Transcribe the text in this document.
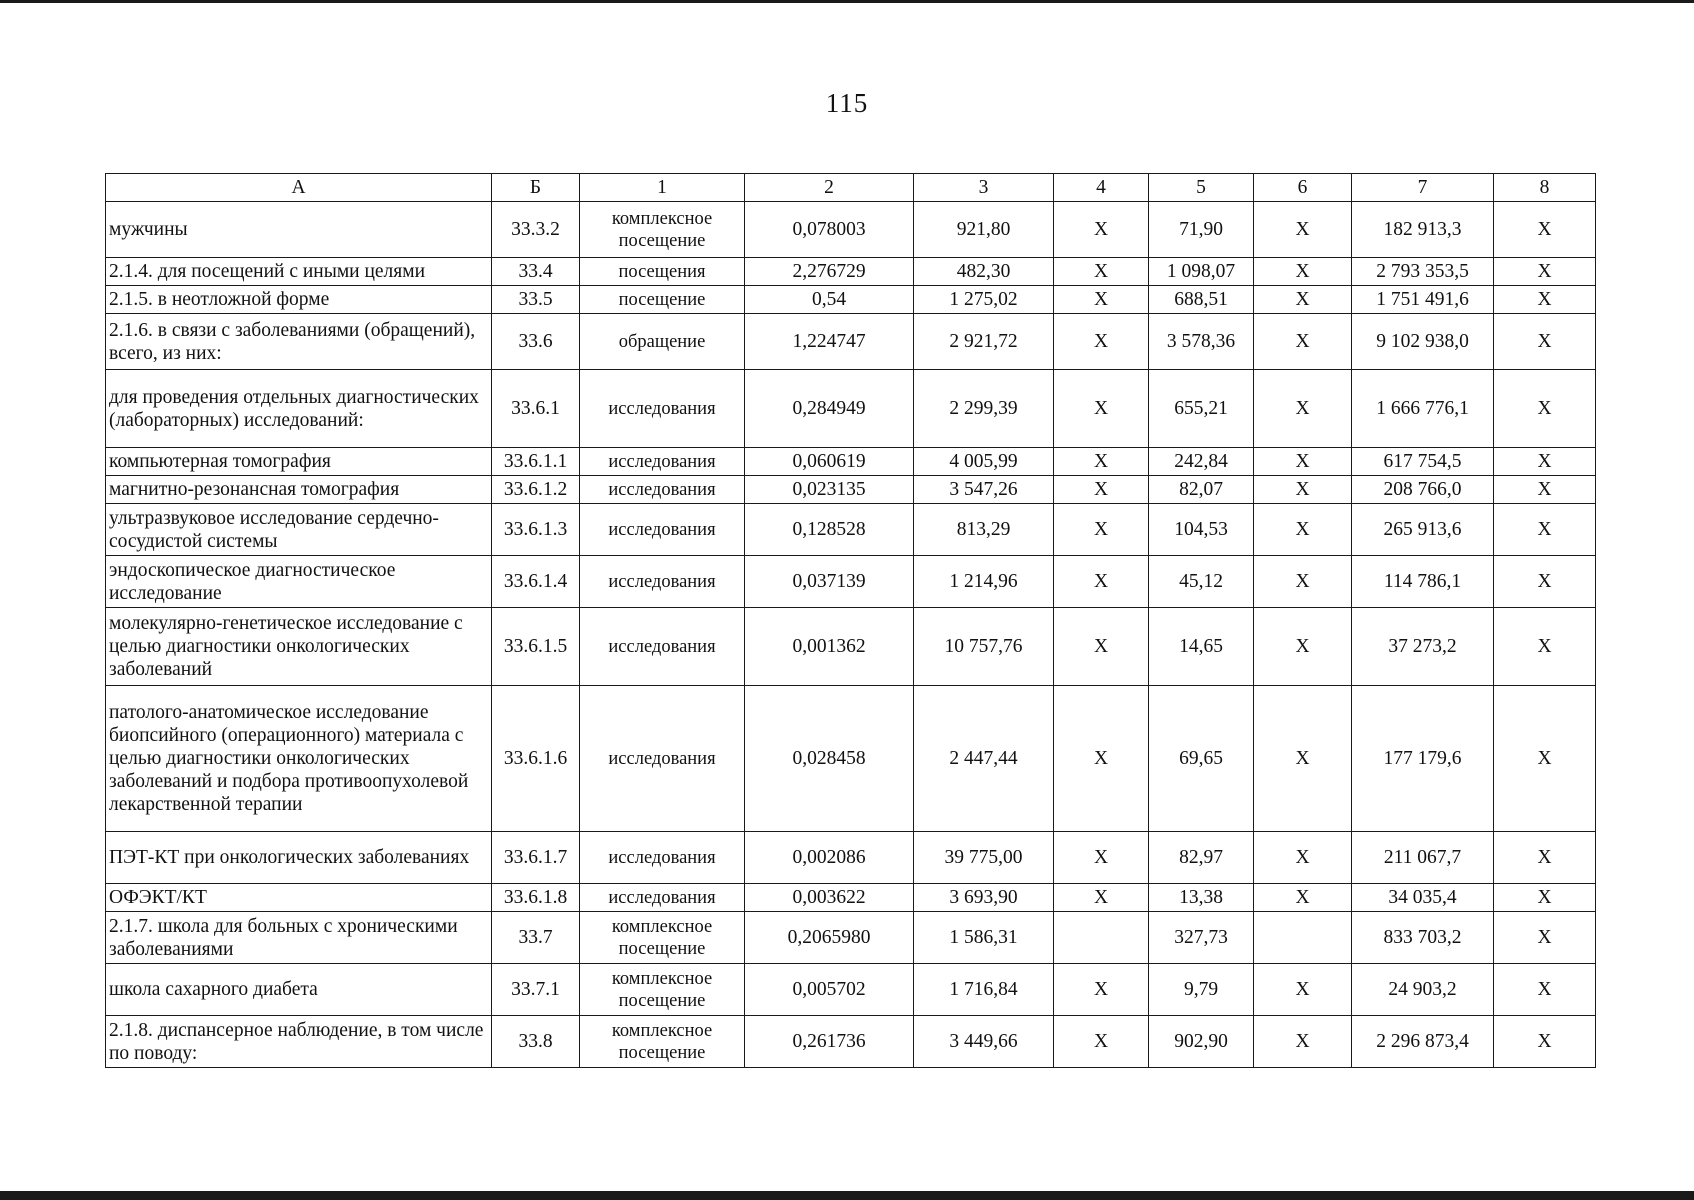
115
А	Б	1	2	3	4	5	6	7	8
мужчины	33.3.2	комплексное посещение	0,078003	921,80	Х	71,90	Х	182 913,3	Х
2.1.4. для посещений с иными целями	33.4	посещения	2,276729	482,30	Х	1 098,07	Х	2 793 353,5	Х
2.1.5. в неотложной форме	33.5	посещение	0,54	1 275,02	Х	688,51	Х	1 751 491,6	Х
2.1.6. в связи с заболеваниями (обращений), всего, из них:	33.6	обращение	1,224747	2 921,72	Х	3 578,36	Х	9 102 938,0	Х
для проведения отдельных диагностических (лабораторных) исследований:	33.6.1	исследования	0,284949	2 299,39	Х	655,21	Х	1 666 776,1	Х
компьютерная томография	33.6.1.1	исследования	0,060619	4 005,99	Х	242,84	Х	617 754,5	Х
магнитно-резонансная томография	33.6.1.2	исследования	0,023135	3 547,26	Х	82,07	Х	208 766,0	Х
ультразвуковое исследование сердечно-сосудистой системы	33.6.1.3	исследования	0,128528	813,29	Х	104,53	Х	265 913,6	Х
эндоскопическое диагностическое исследование	33.6.1.4	исследования	0,037139	1 214,96	Х	45,12	Х	114 786,1	Х
молекулярно-генетическое исследование с целью диагностики онкологических заболеваний	33.6.1.5	исследования	0,001362	10 757,76	Х	14,65	Х	37 273,2	Х
патолого-анатомическое исследование биопсийного (операционного) материала с целью диагностики онкологических заболеваний и подбора противоопухолевой лекарственной терапии	33.6.1.6	исследования	0,028458	2 447,44	Х	69,65	Х	177 179,6	Х
ПЭТ-КТ при онкологических заболеваниях	33.6.1.7	исследования	0,002086	39 775,00	Х	82,97	Х	211 067,7	Х
ОФЭКТ/КТ	33.6.1.8	исследования	0,003622	3 693,90	Х	13,38	Х	34 035,4	Х
2.1.7. школа для больных с хроническими заболеваниями	33.7	комплексное посещение	0,2065980	1 586,31		327,73		833 703,2	Х
школа сахарного диабета	33.7.1	комплексное посещение	0,005702	1 716,84	Х	9,79	Х	24 903,2	Х
2.1.8. диспансерное наблюдение, в том числе по поводу:	33.8	комплексное посещение	0,261736	3 449,66	Х	902,90	Х	2 296 873,4	Х
